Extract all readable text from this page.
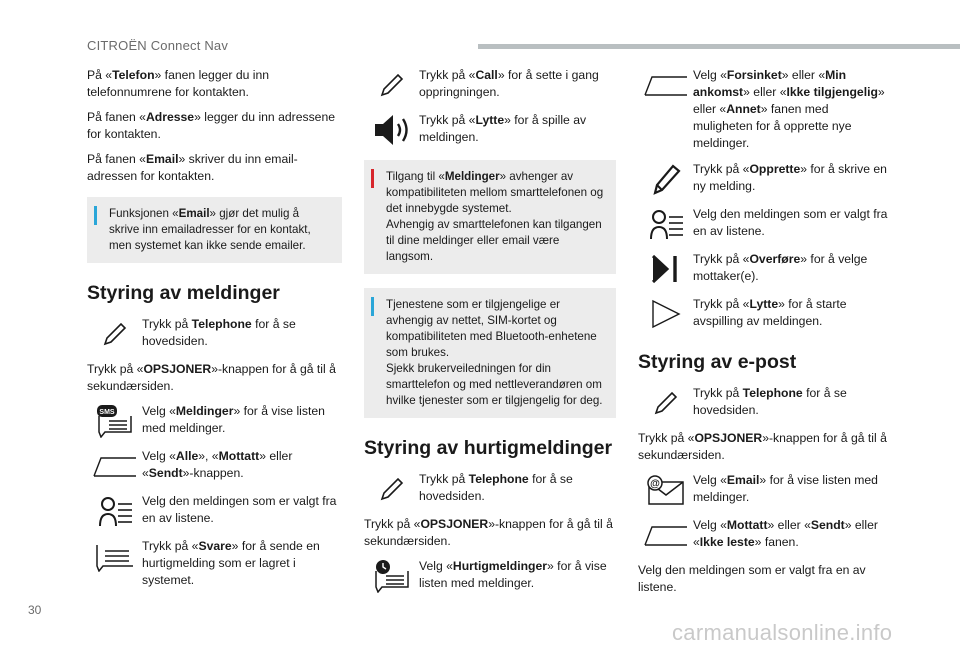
CITROËN Connect Nav
På «Telefon» fanen legger du inn telefonnumrene for kontakten.
På fanen «Adresse» legger du inn adressene for kontakten.
På fanen «Email» skriver du inn email-adressen for kontakten.
Funksjonen «Email» gjør det mulig å skrive inn emailadresser for en kontakt, men systemet kan ikke sende emailer.
Styring av meldinger
Trykk på Telephone for å se hovedsiden.
Trykk på «OPSJONER»-knappen for å gå til å sekundærsiden.
SMS Velg «Meldinger» for å vise listen med meldinger.
Velg «Alle», «Mottatt» eller «Sendt»-knappen.
Velg den meldingen som er valgt fra en av listene.
Trykk på «Svare» for å sende en hurtigmelding som er lagret i systemet.
Trykk på «Call» for å sette i gang oppringningen.
Trykk på «Lytte» for å spille av meldingen.
Tilgang til «Meldinger» avhenger av kompatibiliteten mellom smarttelefonen og det innebygde systemet.
Avhengig av smarttelefonen kan tilgangen til dine meldinger eller email være langsom.
Tjenestene som er tilgjengelige er avhengig av nettet, SIM-kortet og kompatibiliteten med Bluetooth-enhetene som brukes.
Sjekk brukerveiledningen for din smarttelefon og med nettleverandøren om hvilke tjenester som er tilgjengelig for deg.
Styring av hurtigmeldinger
Trykk på Telephone for å se hovedsiden.
Trykk på «OPSJONER»-knappen for å gå til å sekundærsiden.
Velg «Hurtigmeldinger» for å vise listen med meldinger.
Velg «Forsinket» eller «Min ankomst» eller «Ikke tilgjengelig» eller «Annet» fanen med muligheten for å opprette nye meldinger.
Trykk på «Opprette» for å skrive en ny melding.
Velg den meldingen som er valgt fra en av listene.
Trykk på «Overføre» for å velge mottaker(e).
Trykk på «Lytte» for å starte avspilling av meldingen.
Styring av e-post
Trykk på Telephone for å se hovedsiden.
Trykk på «OPSJONER»-knappen for å gå til å sekundærsiden.
@	Velg «Email» for å vise listen med meldinger.
Velg «Mottatt» eller «Sendt» eller «Ikke leste» fanen.
Velg den meldingen som er valgt fra en av listene.
30
carmanualsonline.info
